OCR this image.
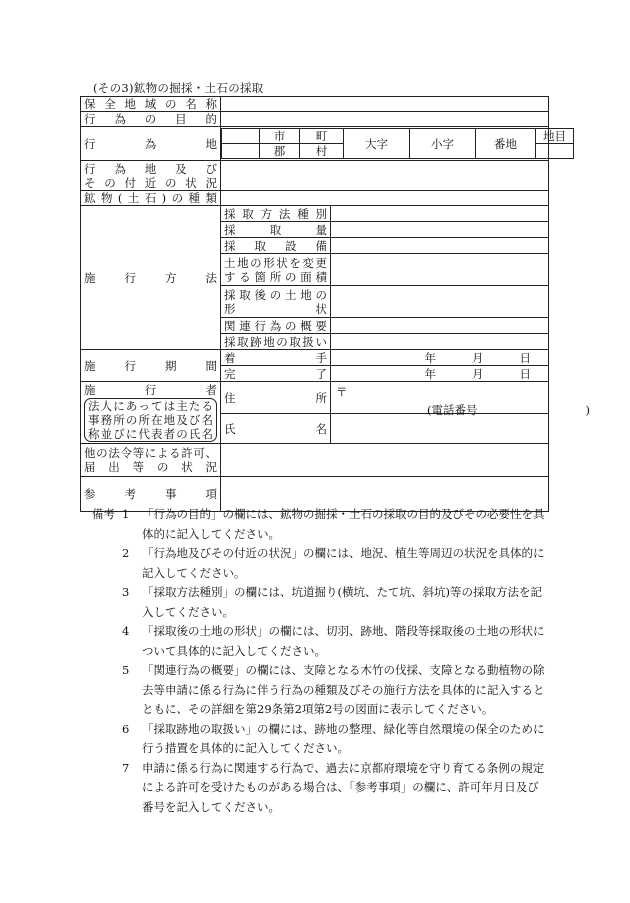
(その3)鉱物の掘採・土石の採取
保全地域の名称	
行為の目的	
行為地	
	市	町	大字	小字	番地	地目
	郡	村	

行為地及び
その付近の状況

鉱物(土石)の種類	
施行方法	採取方法種別	
採取量	
採取設備	

土地の形状を変更
する箇所の面積

採取後の土地の
形状

関連行為の概要	
採取跡地の取扱い	
施行期間	着手	年	月	日

完了	年	月	日

施行者
法人にあっては主たる
事務所の所在地及び名
称並びに代表者の氏名
	住所	〒
(電話番号	)

氏名	

他の法令等による許可、
届出等の状況

参考事項	
備考 1	「行為の目的」の欄には、鉱物の掘採・土石の採取の目的及びその必要性を具
体的に記入してください。
2	「行為地及びその付近の状況」の欄には、地況、植生等周辺の状況を具体的に
記入してください。
3	「採取方法種別」の欄には、坑道掘り(横坑、たて坑、斜坑)等の採取方法を記
入してください。
4	「採取後の土地の形状」の欄には、切羽、跡地、階段等採取後の土地の形状に
ついて具体的に記入してください。
5	「関連行為の概要」の欄には、支障となる木竹の伐採、支障となる動植物の除
去等申請に係る行為に伴う行為の種類及びその施行方法を具体的に記入すると
ともに、その詳細を第29条第2項第2号の図面に表示してください。
6	「採取跡地の取扱い」の欄には、跡地の整理、緑化等自然環境の保全のために
行う措置を具体的に記入してください。
7	申請に係る行為に関連する行為で、過去に京都府環境を守り育てる条例の規定
による許可を受けたものがある場合は、「参考事項」の欄に、許可年月日及び
番号を記入してください。
